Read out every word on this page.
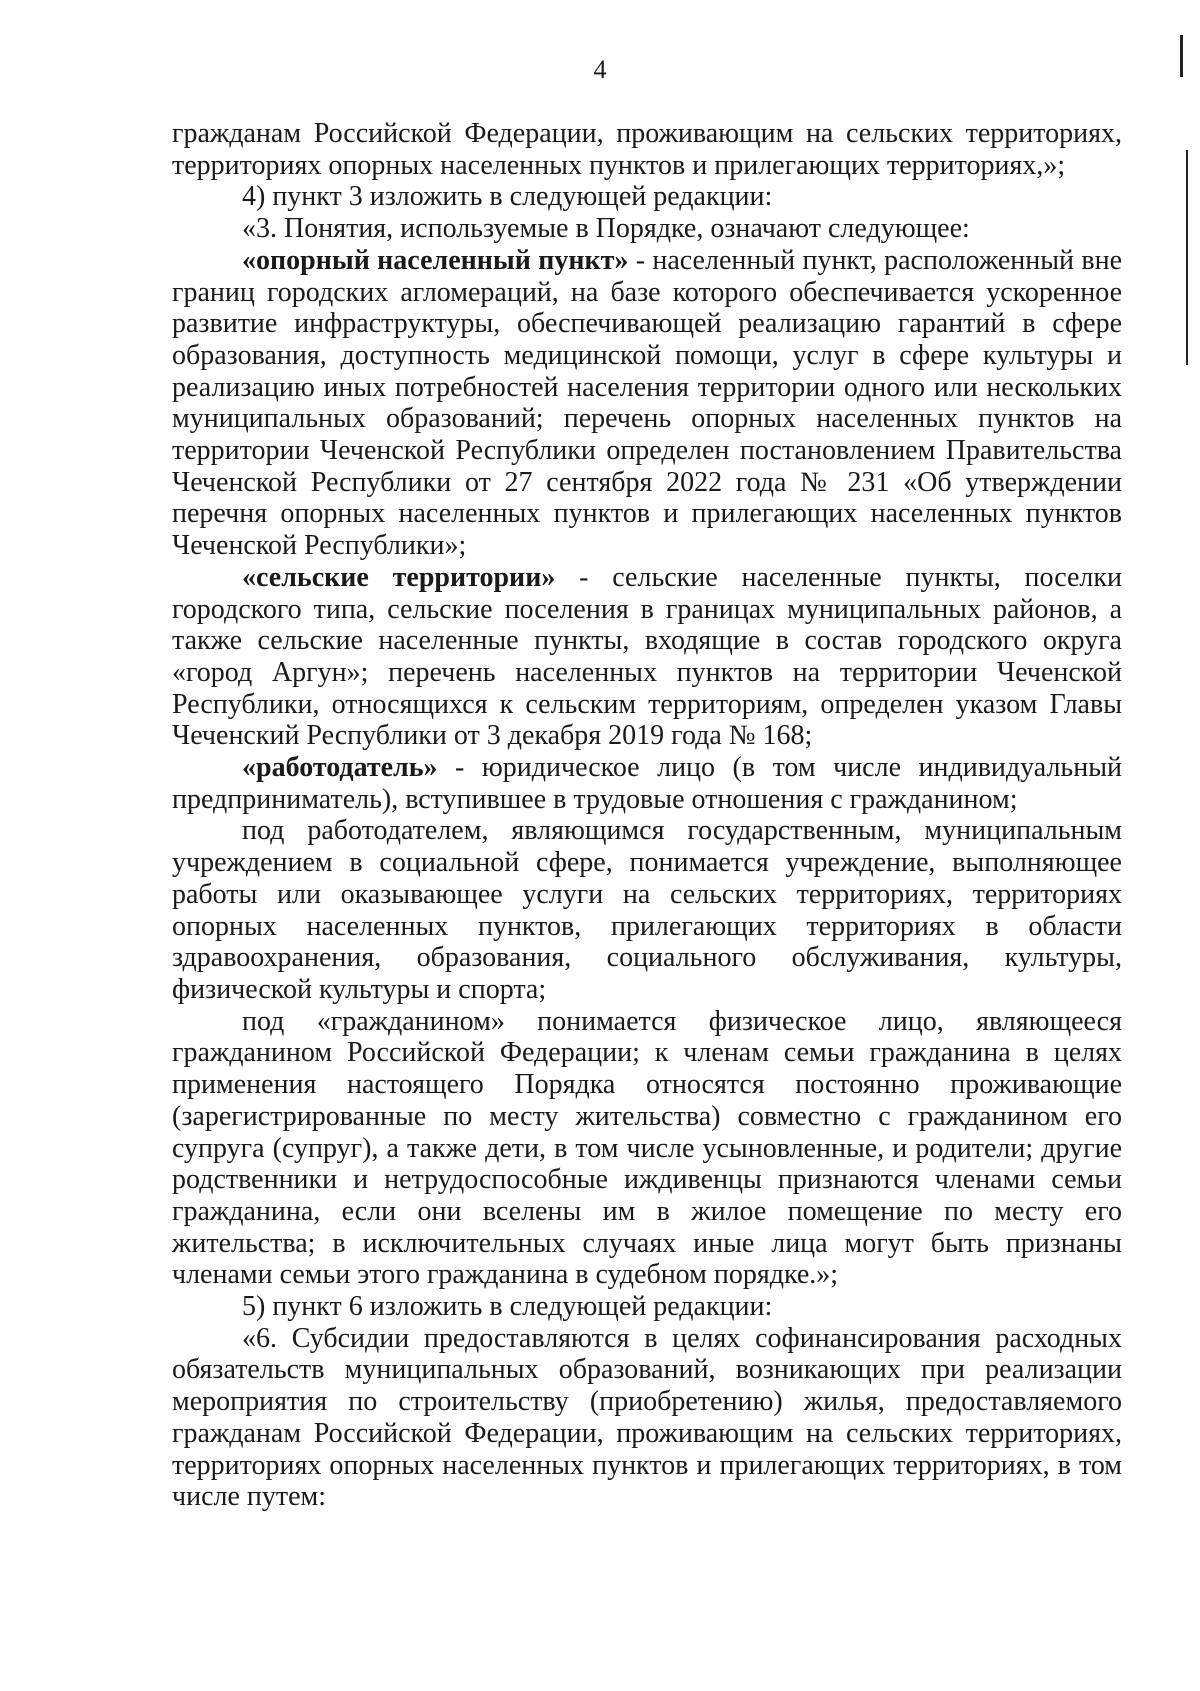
4

гражданам Российской Федерации, проживающим на сельских территориях, территориях опорных населенных пунктов и прилегающих территориях,»;

4) пункт 3 изложить в следующей редакции:

«3. Понятия, используемые в Порядке, означают следующее:

«опорный населенный пункт» - населенный пункт, расположенный вне границ городских агломераций, на базе которого обеспечивается ускоренное развитие инфраструктуры, обеспечивающей реализацию гарантий в сфере образования, доступность медицинской помощи, услуг в сфере культуры и реализацию иных потребностей населения территории одного или нескольких муниципальных образований; перечень опорных населенных пунктов на территории Чеченской Республики определен постановлением Правительства Чеченской Республики от 27 сентября 2022 года № 231 «Об утверждении перечня опорных населенных пунктов и прилегающих населенных пунктов Чеченской Республики»;

«сельские территории» - сельские населенные пункты, поселки городского типа, сельские поселения в границах муниципальных районов, а также сельские населенные пункты, входящие в состав городского округа «город Аргун»; перечень населенных пунктов на территории Чеченской Республики, относящихся к сельским территориям, определен указом Главы Чеченский Республики от 3 декабря 2019 года № 168;

«работодатель» - юридическое лицо (в том числе индивидуальный предприниматель), вступившее в трудовые отношения с гражданином;

под работодателем, являющимся государственным, муниципальным учреждением в социальной сфере, понимается учреждение, выполняющее работы или оказывающее услуги на сельских территориях, территориях опорных населенных пунктов, прилегающих территориях в области здравоохранения, образования, социального обслуживания, культуры, физической культуры и спорта;

под «гражданином» понимается физическое лицо, являющееся гражданином Российской Федерации; к членам семьи гражданина в целях применения настоящего Порядка относятся постоянно проживающие (зарегистрированные по месту жительства) совместно с гражданином его супруга (супруг), а также дети, в том числе усыновленные, и родители; другие родственники и нетрудоспособные иждивенцы признаются членами семьи гражданина, если они вселены им в жилое помещение по месту его жительства; в исключительных случаях иные лица могут быть признаны членами семьи этого гражданина в судебном порядке.»;

5) пункт 6 изложить в следующей редакции:

«6. Субсидии предоставляются в целях софинансирования расходных обязательств муниципальных образований, возникающих при реализации мероприятия по строительству (приобретению) жилья, предоставляемого гражданам Российской Федерации, проживающим на сельских территориях, территориях опорных населенных пунктов и прилегающих территориях, в том числе путем:
